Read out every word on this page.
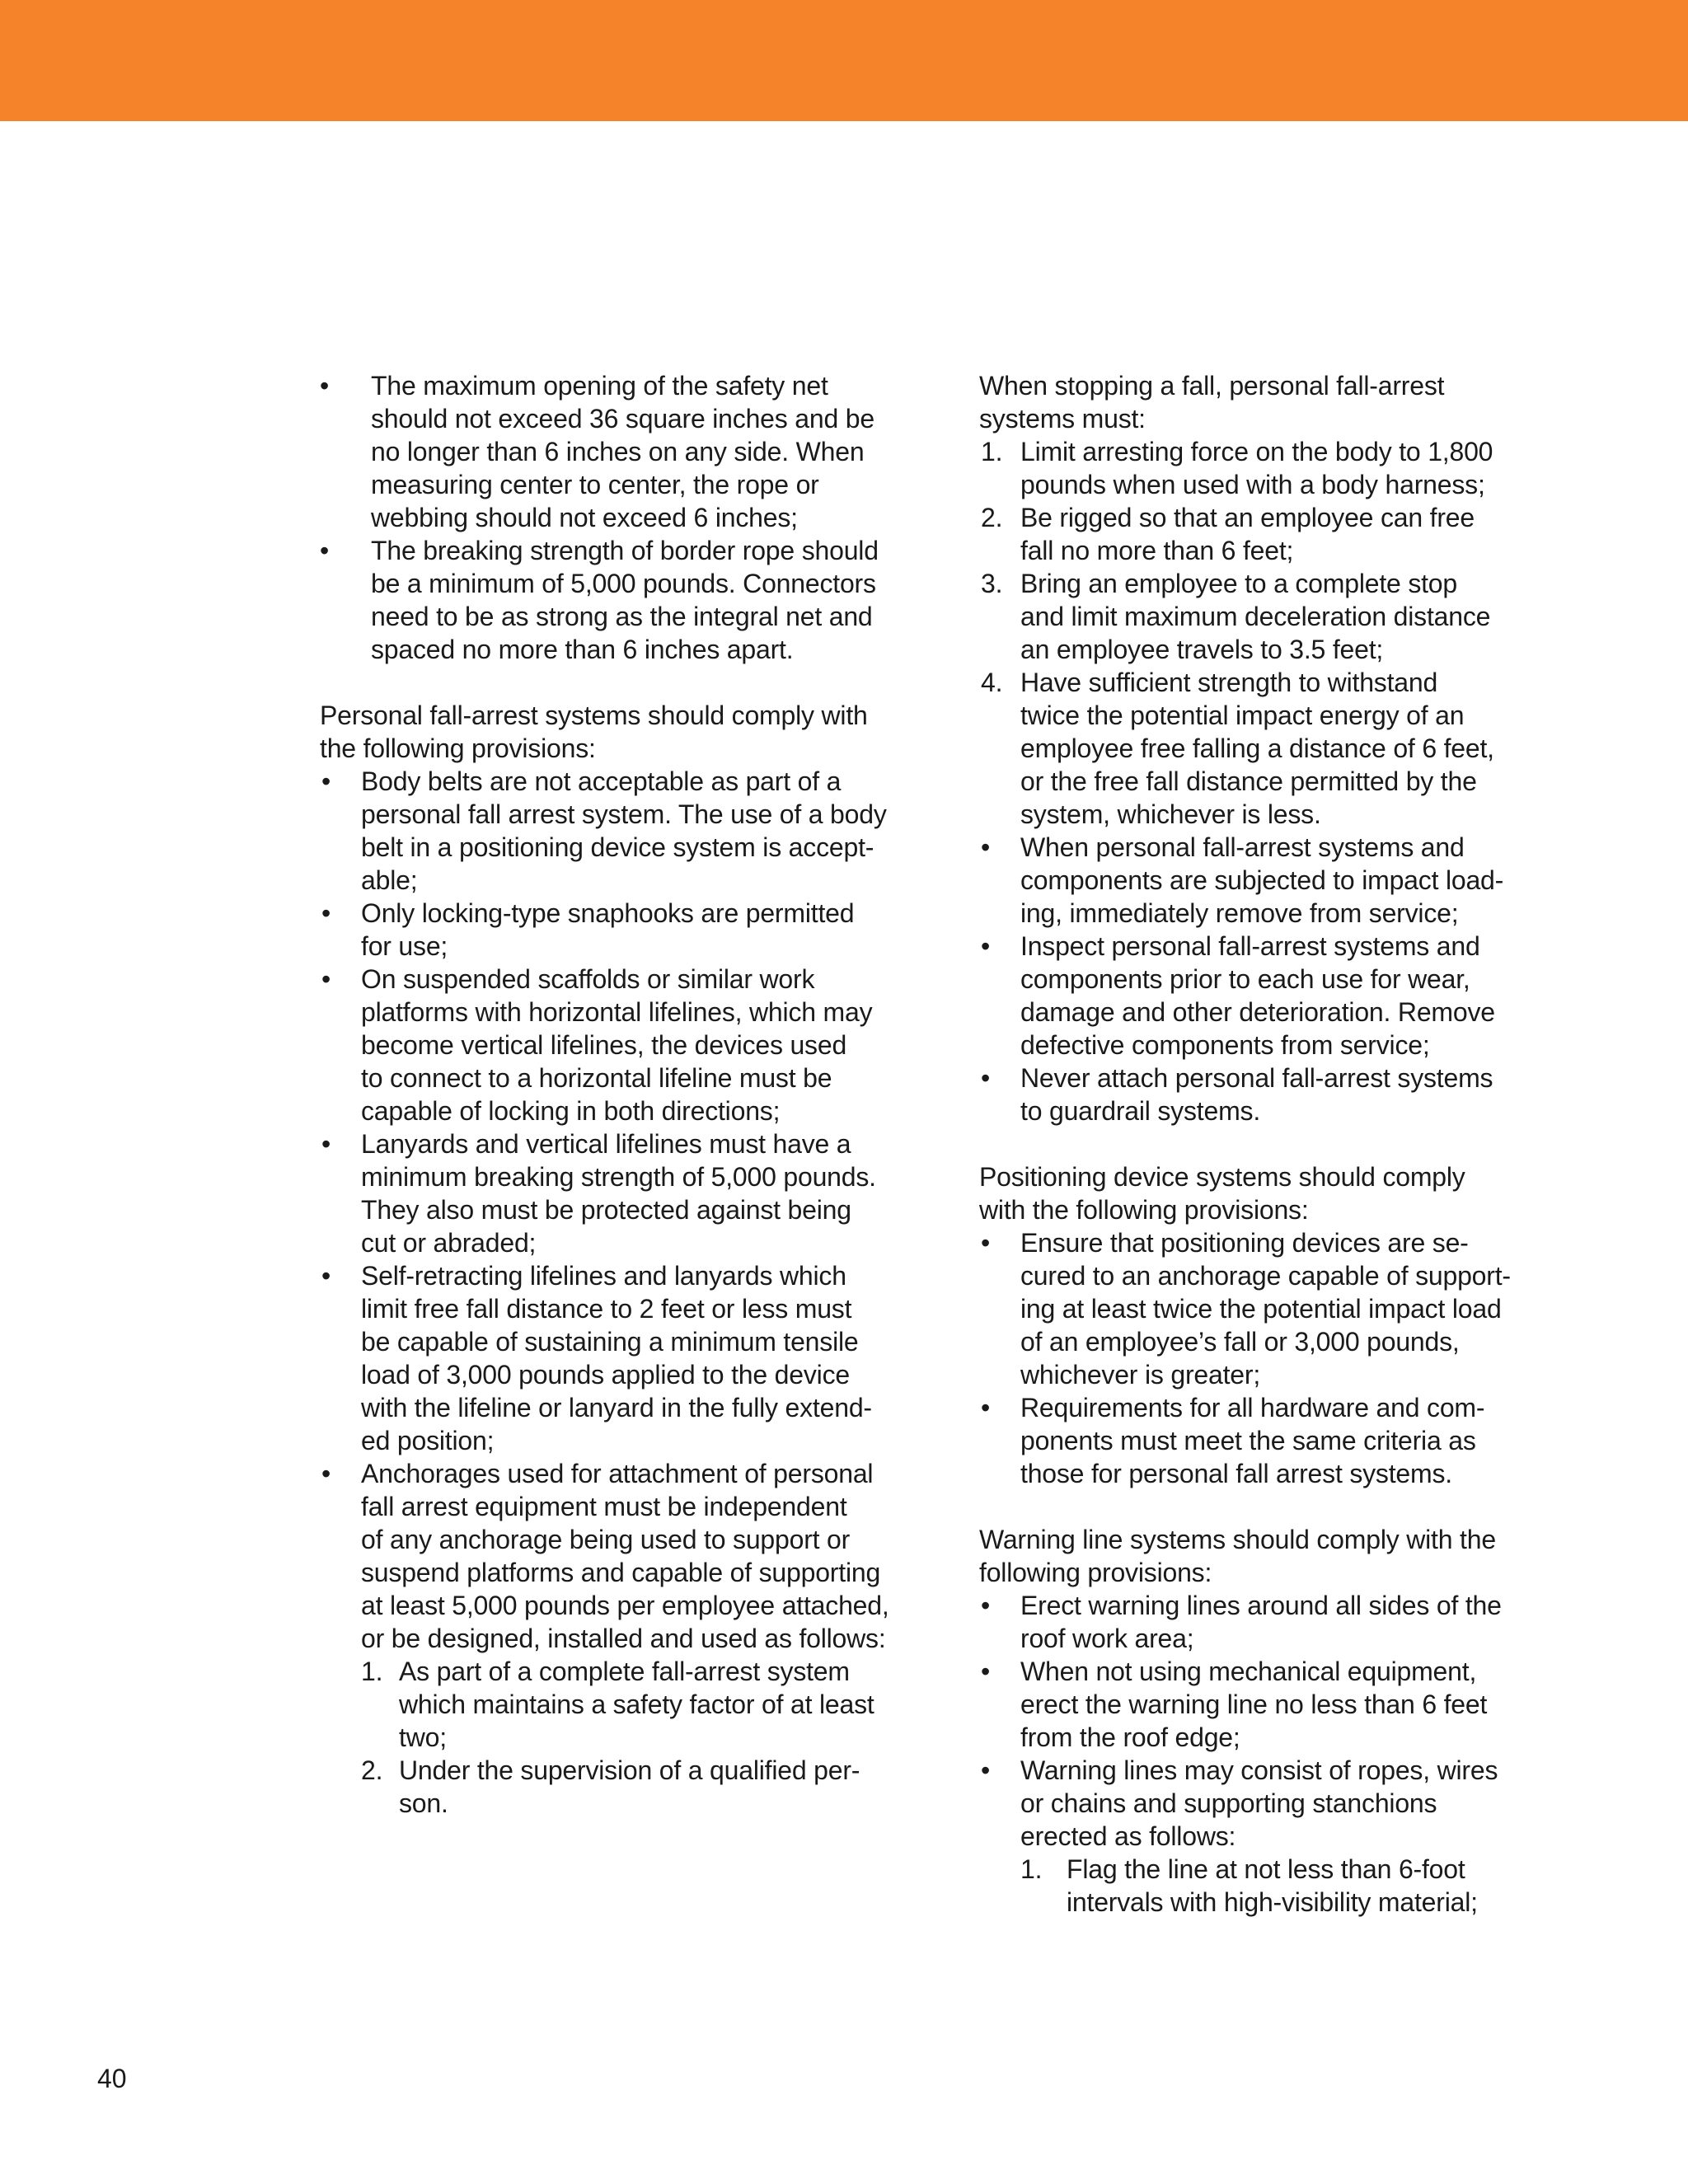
•	The maximum opening of the safety net
should not exceed 36 square inches and be
no longer than 6 inches on any side. When
measuring center to center, the rope or
webbing should not exceed 6 inches;
•	The breaking strength of border rope should
be a minimum of 5,000 pounds. Connectors
need to be as strong as the integral net and
spaced no more than 6 inches apart.
Personal fall-arrest systems should comply with
the following provisions:
•	Body belts are not acceptable as part of a
personal fall arrest system. The use of a body
belt in a positioning device system is accept-
able;
•	Only locking-type snaphooks are permitted
for use;
•	On suspended scaffolds or similar work
platforms with horizontal lifelines, which may
become vertical lifelines, the devices used
to connect to a horizontal lifeline must be
capable of locking in both directions;
•	Lanyards and vertical lifelines must have a
minimum breaking strength of 5,000 pounds.
They also must be protected against being
cut or abraded;
•	Self-retracting lifelines and lanyards which
limit free fall distance to 2 feet or less must
be capable of sustaining a minimum tensile
load of 3,000 pounds applied to the device
with the lifeline or lanyard in the fully extend-
ed position;
•	Anchorages used for attachment of personal
fall arrest equipment must be independent
of any anchorage being used to support or
suspend platforms and capable of supporting
at least 5,000 pounds per employee attached,
or be designed, installed and used as follows:
1. As part of a complete fall-arrest system
which maintains a safety factor of at least
two;
2. Under the supervision of a qualified per-
son.
When stopping a fall, personal fall-arrest
systems must:
1. Limit arresting force on the body to 1,800
pounds when used with a body harness;
2. Be rigged so that an employee can free
fall no more than 6 feet;
3. Bring an employee to a complete stop
and limit maximum deceleration distance
an employee travels to 3.5 feet;
4. Have sufficient strength to withstand
twice the potential impact energy of an
employee free falling a distance of 6 feet,
or the free fall distance permitted by the
system, whichever is less.
•	When personal fall-arrest systems and
components are subjected to impact load-
ing, immediately remove from service;
•	Inspect personal fall-arrest systems and
components prior to each use for wear,
damage and other deterioration. Remove
defective components from service;
•	Never attach personal fall-arrest systems
to guardrail systems.
Positioning device systems should comply
with the following provisions:
•	Ensure that positioning devices are se-
cured to an anchorage capable of support-
ing at least twice the potential impact load
of an employee’s fall or 3,000 pounds,
whichever is greater;
•	Requirements for all hardware and com-
ponents must meet the same criteria as
those for personal fall arrest systems.
Warning line systems should comply with the
following provisions:
•	Erect warning lines around all sides of the
roof work area;
•	When not using mechanical equipment,
erect the warning line no less than 6 feet
from the roof edge;
•	Warning lines may consist of ropes, wires
or chains and supporting stanchions
erected as follows:
1. Flag the line at not less than 6-foot
intervals with high-visibility material;
40
